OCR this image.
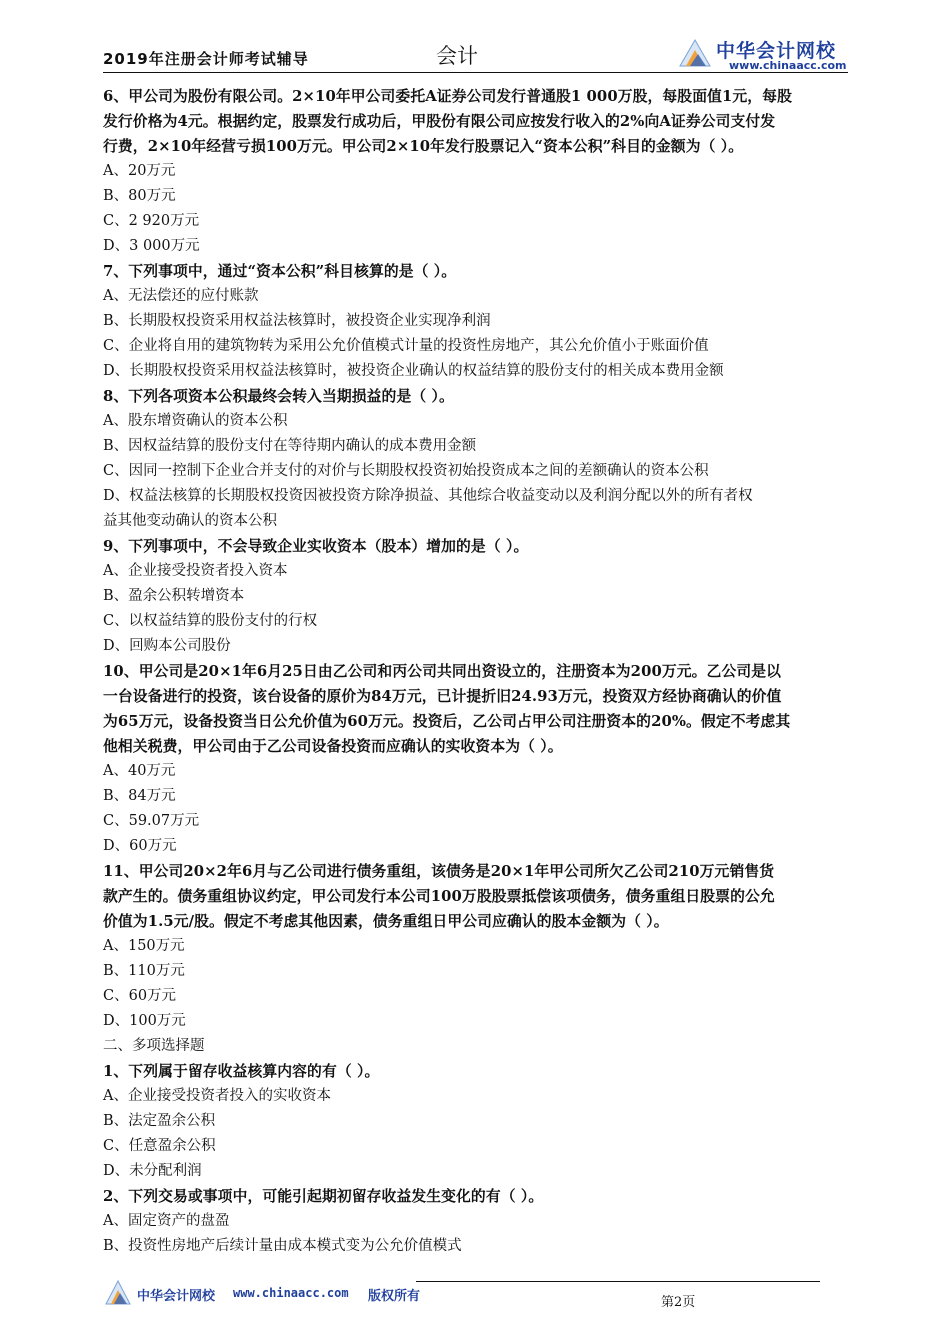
2019年注册会计师考试辅导	会计	中华会计网校
www.chinaacc.com
6、甲公司为股份有限公司。2×10年甲公司委托A证券公司发行普通股1 000万股，每股面值1元，每股
发行价格为4元。根据约定，股票发行成功后，甲股份有限公司应按发行收入的2%向A证券公司支付发
行费，2×10年经营亏损100万元。甲公司2×10年发行股票记入“资本公积”科目的金额为（ ）。
A、20万元
B、80万元
C、2 920万元
D、3 000万元
7、下列事项中，通过“资本公积”科目核算的是（ ）。
A、无法偿还的应付账款
B、长期股权投资采用权益法核算时，被投资企业实现净利润
C、企业将自用的建筑物转为采用公允价值模式计量的投资性房地产，其公允价值小于账面价值
D、长期股权投资采用权益法核算时，被投资企业确认的权益结算的股份支付的相关成本费用金额
8、下列各项资本公积最终会转入当期损益的是（ ）。
A、股东增资确认的资本公积
B、因权益结算的股份支付在等待期内确认的成本费用金额
C、因同一控制下企业合并支付的对价与长期股权投资初始投资成本之间的差额确认的资本公积
D、权益法核算的长期股权投资因被投资方除净损益、其他综合收益变动以及利润分配以外的所有者权
益其他变动确认的资本公积
9、下列事项中，不会导致企业实收资本（股本）增加的是（ ）。
A、企业接受投资者投入资本
B、盈余公积转增资本
C、以权益结算的股份支付的行权
D、回购本公司股份
10、甲公司是20×1年6月25日由乙公司和丙公司共同出资设立的，注册资本为200万元。乙公司是以
一台设备进行的投资，该台设备的原价为84万元，已计提折旧24.93万元，投资双方经协商确认的价值
为65万元，设备投资当日公允价值为60万元。投资后，乙公司占甲公司注册资本的20%。假定不考虑其
他相关税费，甲公司由于乙公司设备投资而应确认的实收资本为（ ）。
A、40万元
B、84万元
C、59.07万元
D、60万元
11、甲公司20×2年6月与乙公司进行债务重组，该债务是20×1年甲公司所欠乙公司210万元销售货
款产生的。债务重组协议约定，甲公司发行本公司100万股股票抵偿该项债务，债务重组日股票的公允
价值为1.5元/股。假定不考虑其他因素，债务重组日甲公司应确认的股本金额为（ ）。
A、150万元
B、110万元
C、60万元
D、100万元
二、多项选择题
1、下列属于留存收益核算内容的有（ ）。
A、企业接受投资者投入的实收资本
B、法定盈余公积
C、任意盈余公积
D、未分配利润
2、下列交易或事项中，可能引起期初留存收益发生变化的有（ ）。
A、固定资产的盘盈
B、投资性房地产后续计量由成本模式变为公允价值模式
中华会计网校 www.chinaacc.com 版权所有	第2页
